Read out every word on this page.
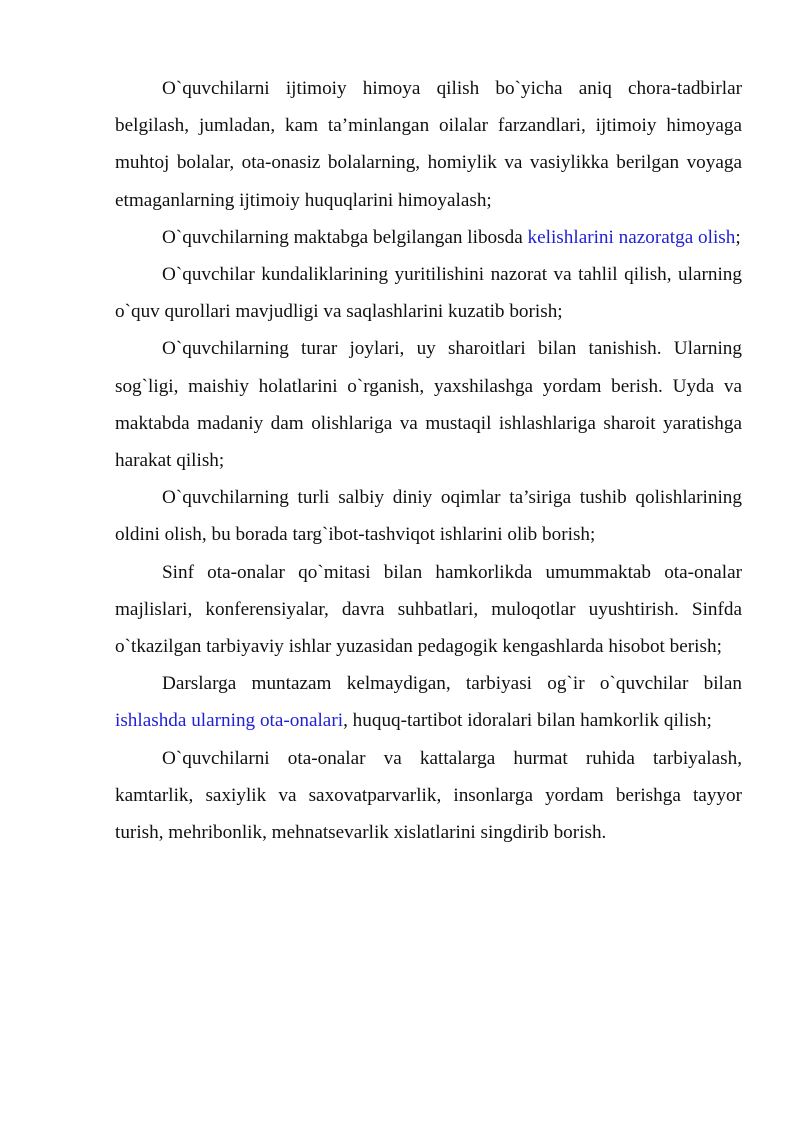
O`quvchilarni ijtimoiy himoya qilish bo`yicha aniq chora-tadbirlar belgilash, jumladan, kam ta’minlangan oilalar farzandlari, ijtimoiy himoyaga muhtoj bolalar, ota-onasiz bolalarning, homiylik va vasiylikka berilgan voyaga etmaganlarning ijtimoiy huquqlarini himoyalash;

O`quvchilarning maktabga belgilangan libosda kelishlarini nazoratga olish;

O`quvchilar kundaliklarining yuritilishini nazorat va tahlil qilish, ularning o`quv qurollari mavjudligi va saqlashlarini kuzatib borish;

O`quvchilarning turar joylari, uy sharoitlari bilan tanishish. Ularning sog`ligi, maishiy holatlarini o`rganish, yaxshilashga yordam berish. Uyda va maktabda madaniy dam olishlariga va mustaqil ishlashlariga sharoit yaratishga harakat qilish;

O`quvchilarning turli salbiy diniy oqimlar ta’siriga tushib qolishlarining oldini olish, bu borada targ`ibot-tashviqot ishlarini olib borish;

Sinf ota-onalar qo`mitasi bilan hamkorlikda umummaktab ota-onalar majlislari, konferensiyalar, davra suhbatlari, muloqotlar uyushtirish. Sinfda o`tkazilgan tarbiyaviy ishlar yuzasidan pedagogik kengashlarda hisobot berish;

Darslarga muntazam kelmaydigan, tarbiyasi og`ir o`quvchilar bilan ishlashda ularning ota-onalari, huquq-tartibot idoralari bilan hamkorlik qilish;

O`quvchilarni ota-onalar va kattalarga hurmat ruhida tarbiyalash, kamtarlik, saxiylik va saxovatparvarlik, insonlarga yordam berishga tayyor turish, mehribonlik, mehnatsevarlik xislatlarini singdirib borish.
